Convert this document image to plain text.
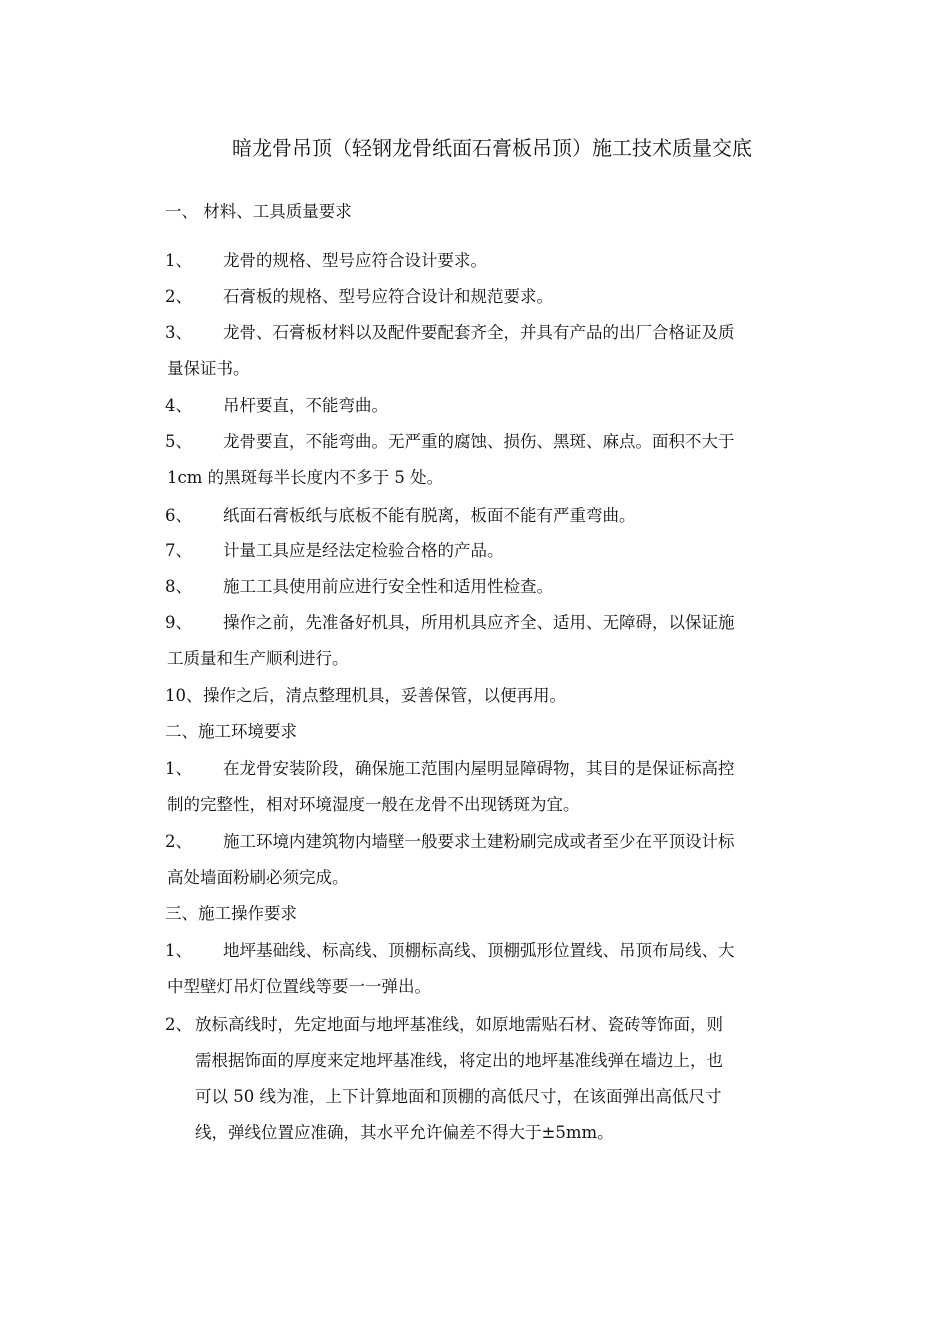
暗龙骨吊顶（轻钢龙骨纸面石膏板吊顶）施工技术质量交底
一、 材料、工具质量要求
1、	龙骨的规格、型号应符合设计要求。
2、	石膏板的规格、型号应符合设计和规范要求。
3、	龙骨、石膏板材料以及配件要配套齐全，并具有产品的出厂合格证及质
量保证书。
4、	吊杆要直，不能弯曲。
5、	龙骨要直，不能弯曲。无严重的腐蚀、损伤、黑斑、麻点。面积不大于
1cm 的黑斑每半长度内不多于 5 处。
6、	纸面石膏板纸与底板不能有脱离，板面不能有严重弯曲。
7、	计量工具应是经法定检验合格的产品。
8、	施工工具使用前应进行安全性和适用性检查。
9、	操作之前，先准备好机具，所用机具应齐全、适用、无障碍，以保证施
工质量和生产顺利进行。
10、 操作之后，清点整理机具，妥善保管，以便再用。
二、施工环境要求
1、	在龙骨安装阶段，确保施工范围内屋明显障碍物，其目的是保证标高控
制的完整性，相对环境湿度一般在龙骨不出现锈斑为宜。
2、	施工环境内建筑物内墙壁一般要求土建粉刷完成或者至少在平顶设计标
高处墙面粉刷必须完成。
三、施工操作要求
1、	地坪基础线、标高线、顶棚标高线、顶棚弧形位置线、吊顶布局线、大
中型壁灯吊灯位置线等要一一弹出。
2、 放标高线时，先定地面与地坪基准线，如原地需贴石材、瓷砖等饰面，则
需根据饰面的厚度来定地坪基准线，将定出的地坪基准线弹在墙边上，也
可以 50 线为准，上下计算地面和顶棚的高低尺寸，在该面弹出高低尺寸
线，弹线位置应准确，其水平允许偏差不得大于±5mm。
